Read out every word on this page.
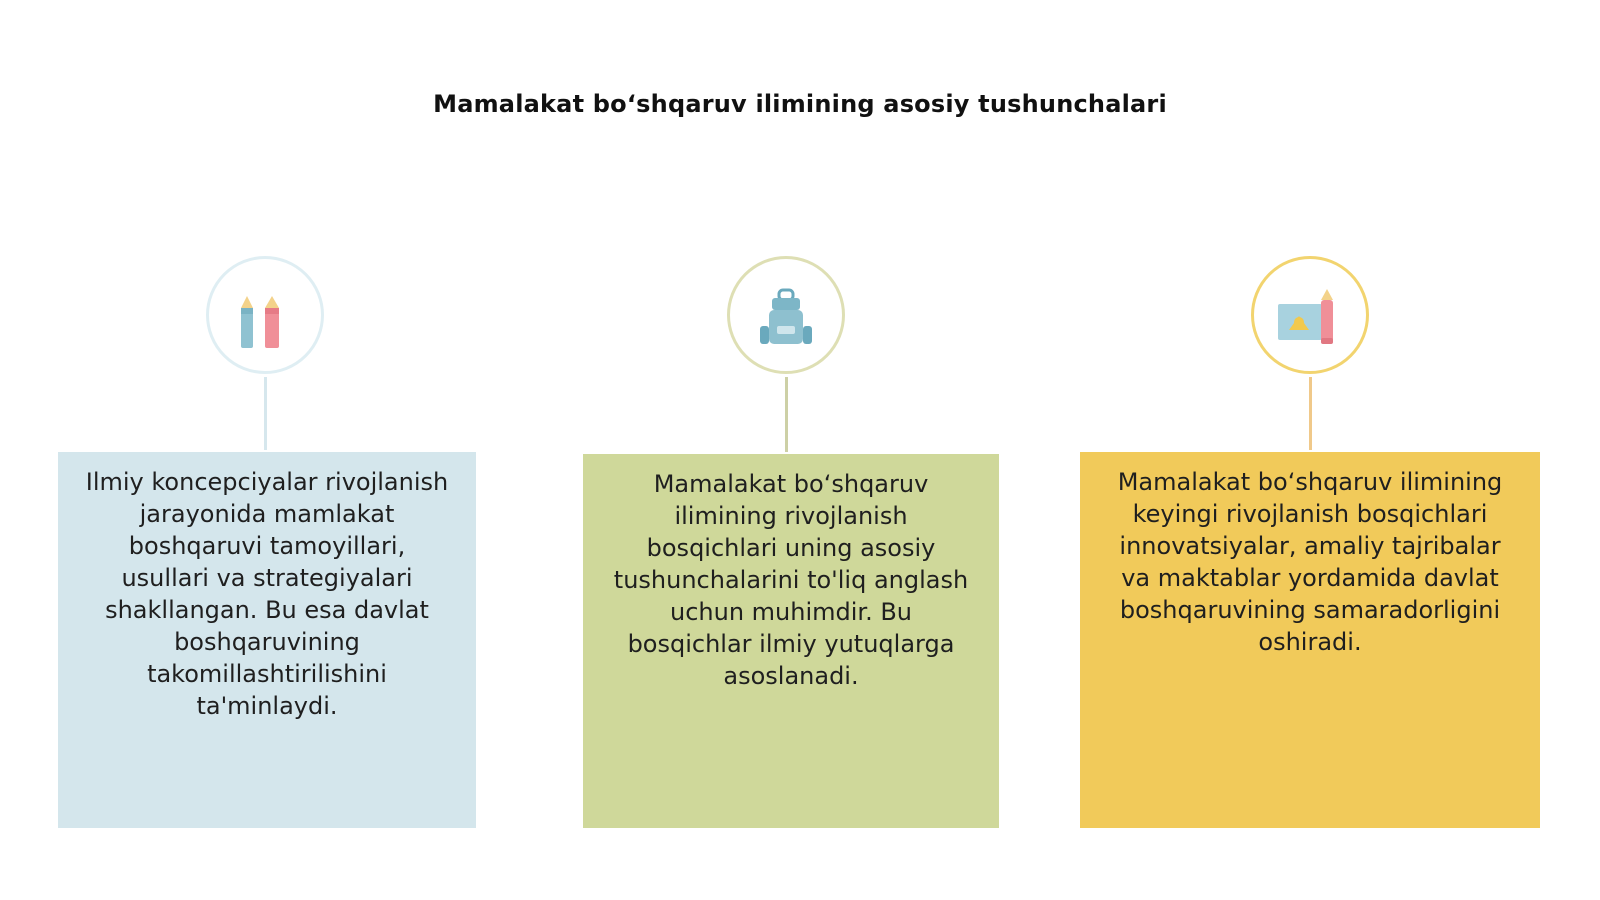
Mamalakat bo‘shqaruv ilimining asosiy tushunchalari
Ilmiy koncepciyalar rivojlanish jarayonida mamlakat boshqaruvi tamoyillari, usullari va strategiyalari shakllangan. Bu esa davlat boshqaruvining takomillashtirilishini ta'minlaydi.
Mamalakat bo‘shqaruv ilimining rivojlanish bosqichlari uning asosiy tushunchalarini to'liq anglash uchun muhimdir. Bu bosqichlar ilmiy yutuqlarga asoslanadi.
Mamalakat bo‘shqaruv ilimining keyingi rivojlanish bosqichlari innovatsiyalar, amaliy tajribalar va maktablar yordamida davlat boshqaruvining samaradorligini oshiradi.
